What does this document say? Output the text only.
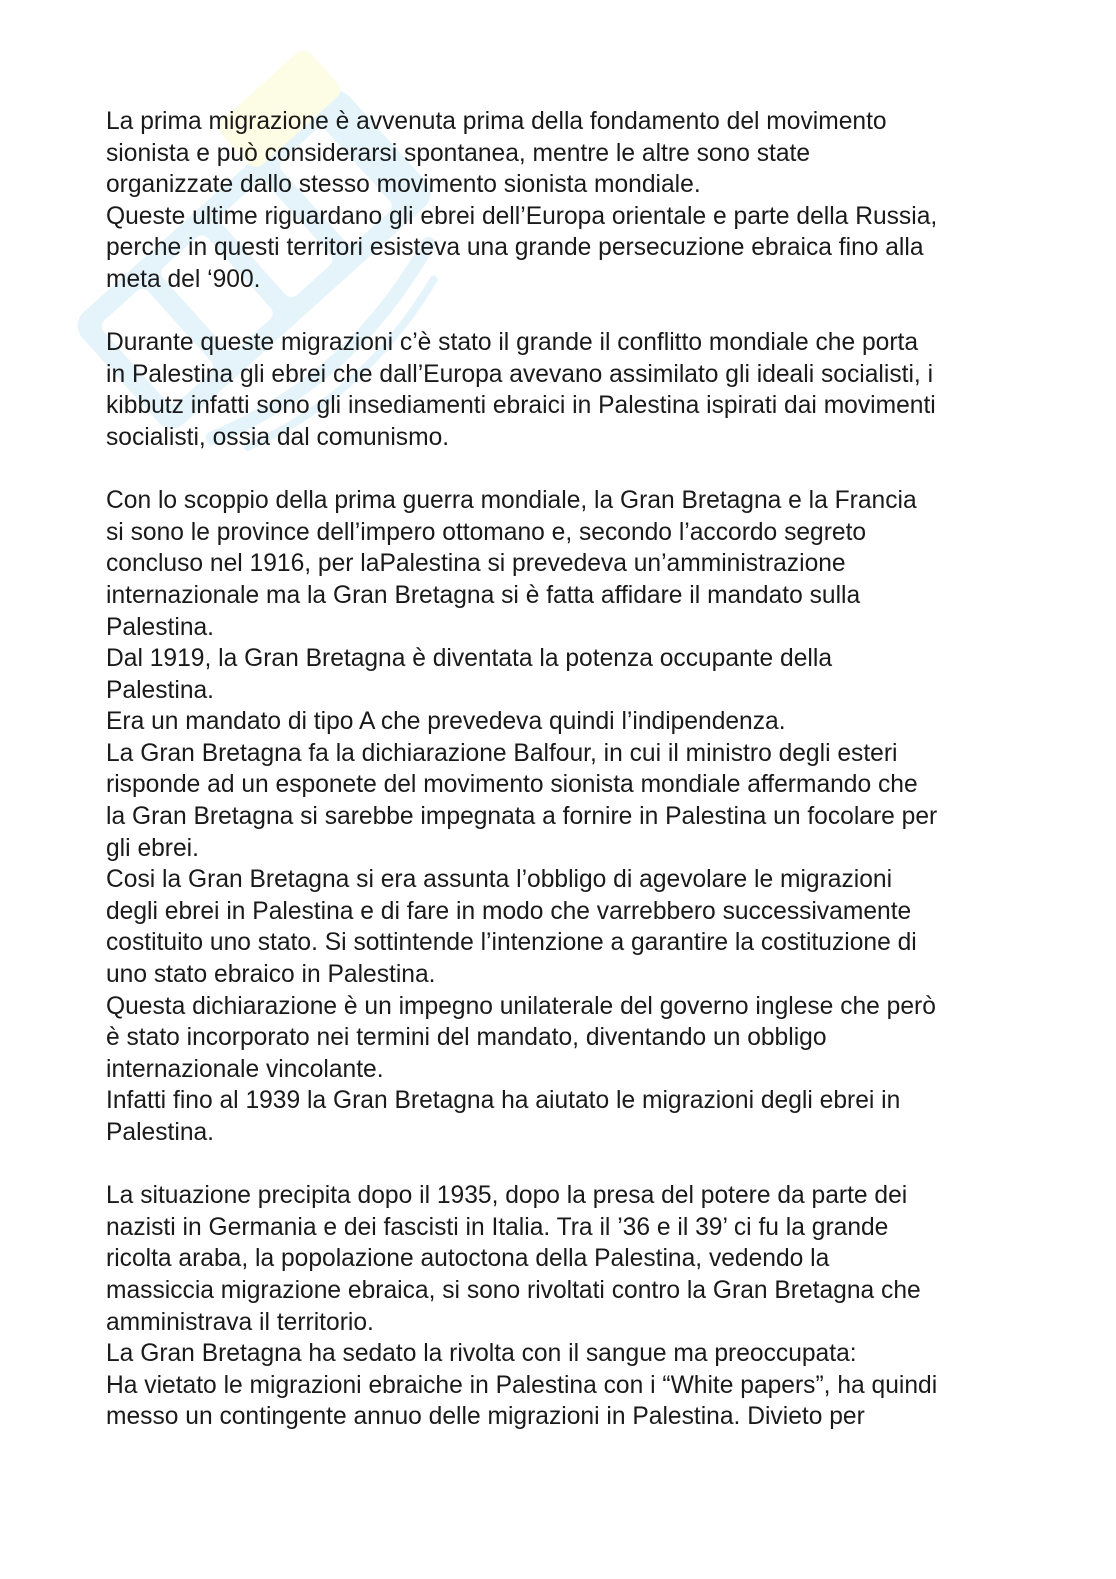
La prima migrazione è avvenuta prima della fondamento del movimento
sionista e può considerarsi spontanea, mentre le altre sono state
organizzate dallo stesso movimento sionista mondiale.
Queste ultime riguardano gli ebrei dell’Europa orientale e parte della Russia,
perche in questi territori esisteva una grande persecuzione ebraica fino alla
meta del ‘900.
Durante queste migrazioni c’è stato il grande il conflitto mondiale che porta
in Palestina gli ebrei che dall’Europa avevano assimilato gli ideali socialisti, i
kibbutz infatti sono gli insediamenti ebraici in Palestina ispirati dai movimenti
socialisti, ossia dal comunismo.
Con lo scoppio della prima guerra mondiale, la Gran Bretagna e la Francia
si sono le province dell’impero ottomano e, secondo l’accordo segreto
concluso nel 1916, per laPalestina si prevedeva un’amministrazione
internazionale ma la Gran Bretagna si è fatta affidare il mandato sulla
Palestina.
Dal 1919, la Gran Bretagna è diventata la potenza occupante della
Palestina.
Era un mandato di tipo A che prevedeva quindi l’indipendenza.
La Gran Bretagna fa la dichiarazione Balfour, in cui il ministro degli esteri
risponde ad un esponete del movimento sionista mondiale affermando che
la Gran Bretagna si sarebbe impegnata a fornire in Palestina un focolare per
gli ebrei.
Cosi la Gran Bretagna si era assunta l’obbligo di agevolare le migrazioni
degli ebrei in Palestina e di fare in modo che varrebbero successivamente
costituito uno stato. Si sottintende l’intenzione a garantire la costituzione di
uno stato ebraico in Palestina.
Questa dichiarazione è un impegno unilaterale del governo inglese che però
è stato incorporato nei termini del mandato, diventando un obbligo
internazionale vincolante.
Infatti fino al 1939 la Gran Bretagna ha aiutato le migrazioni degli ebrei in
Palestina.
La situazione precipita dopo il 1935, dopo la presa del potere da parte dei
nazisti in Germania e dei fascisti in Italia. Tra il ’36 e il 39’ ci fu la grande
ricolta araba, la popolazione autoctona della Palestina, vedendo la
massiccia migrazione ebraica, si sono rivoltati contro la Gran Bretagna che
amministrava il territorio.
La Gran Bretagna ha sedato la rivolta con il sangue ma preoccupata:
Ha vietato le migrazioni ebraiche in Palestina con i “White papers”, ha quindi
messo un contingente annuo delle migrazioni in Palestina. Divieto per
